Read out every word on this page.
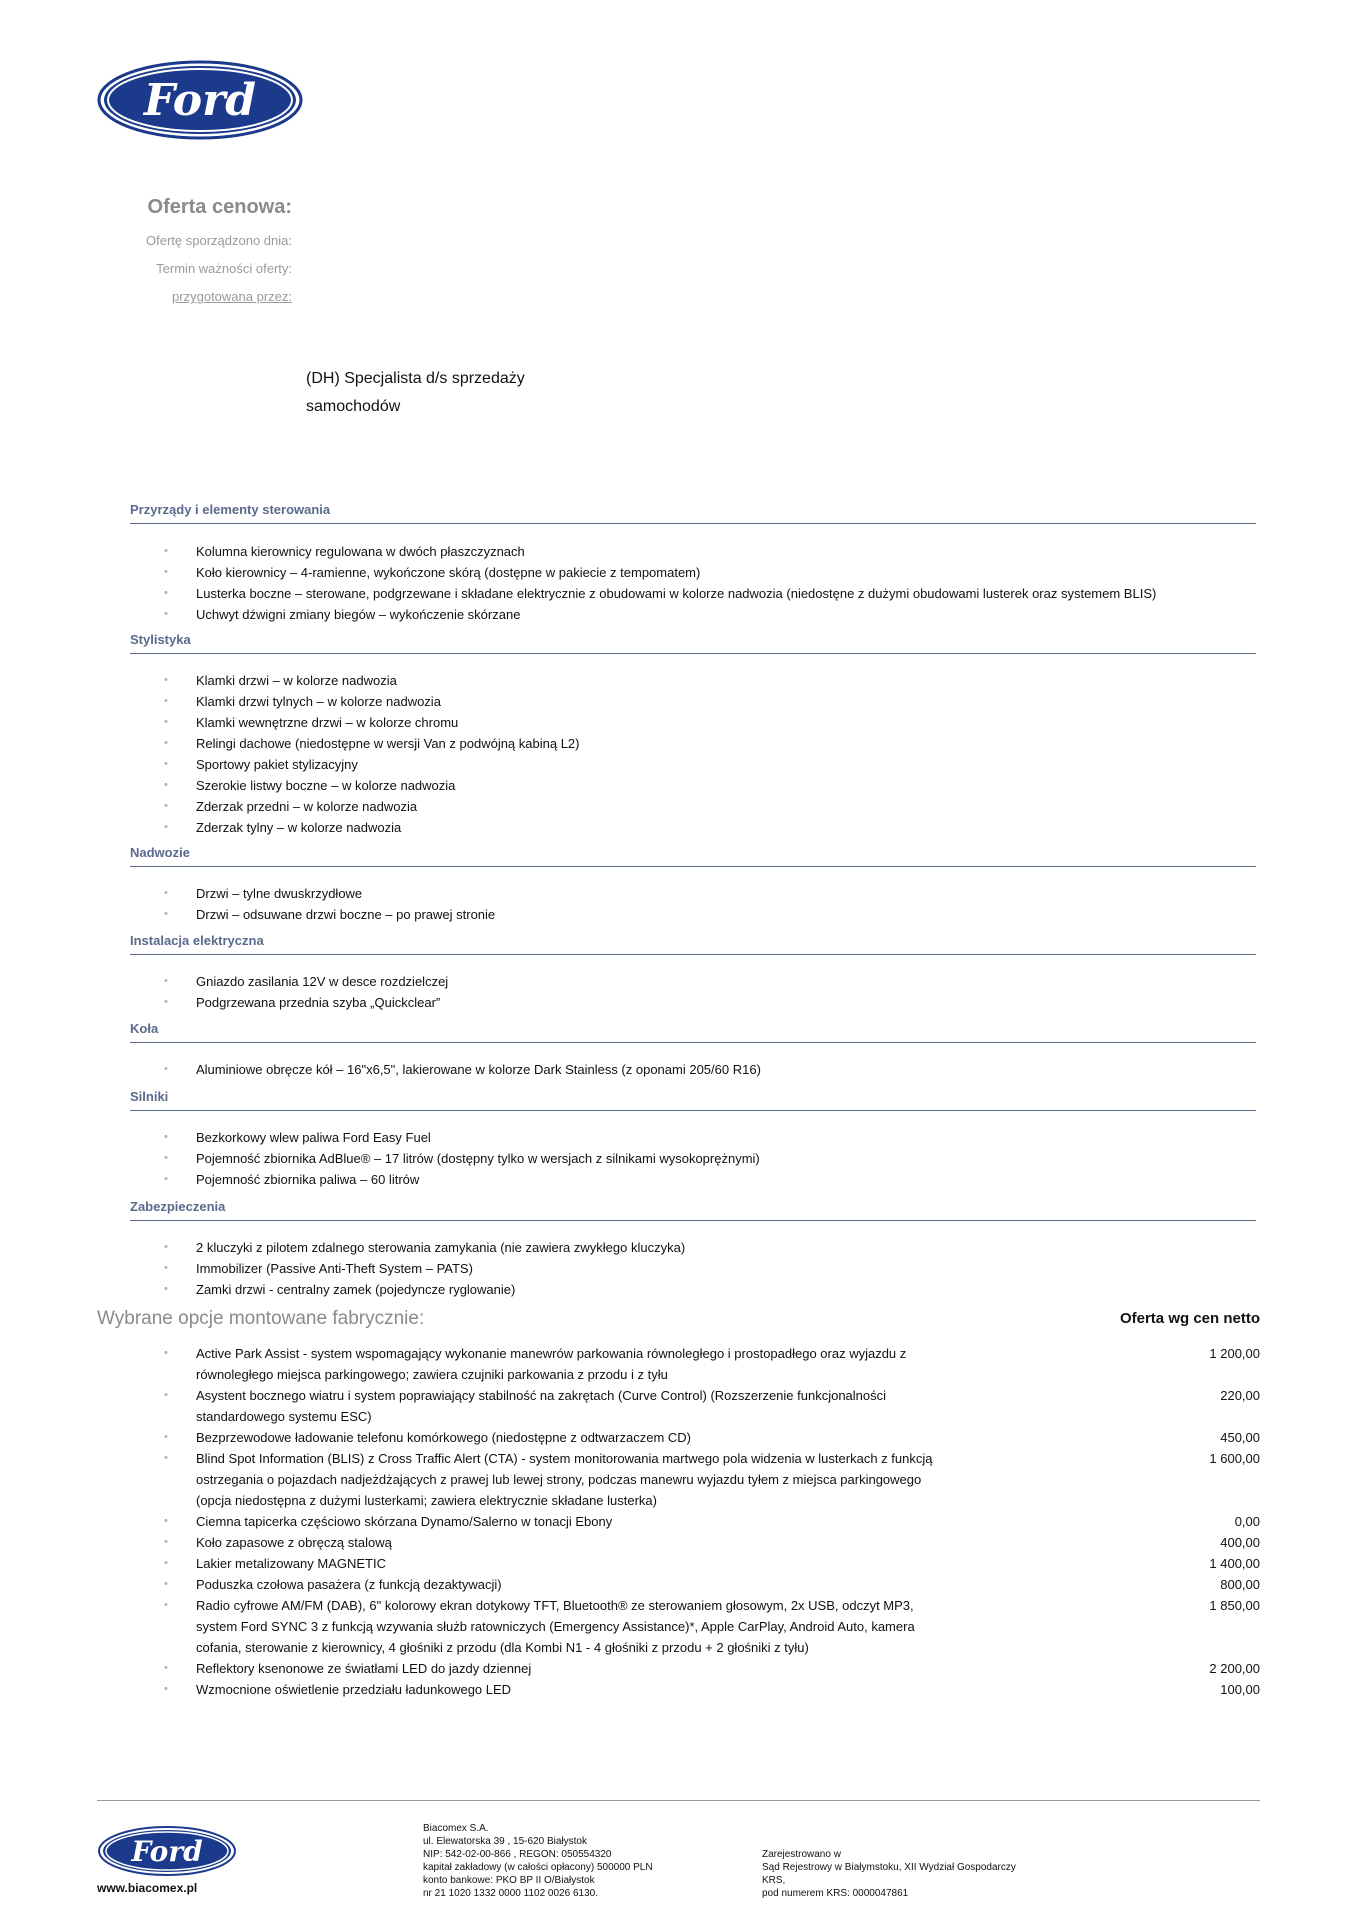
Ford
Oferta cenowa:
Ofertę sporządzono dnia:
Termin ważności oferty:
przygotowana przez:
(DH) Specjalista d/s sprzedaży
samochodów
Przyrządy i elementy sterowania
• Kolumna kierownicy regulowana w dwóch płaszczyznach
• Koło kierownicy – 4-ramienne, wykończone skórą (dostępne w pakiecie z tempomatem)
• Lusterka boczne – sterowane, podgrzewane i składane elektrycznie z obudowami w kolorze nadwozia (niedostęne z dużymi obudowami lusterek oraz systemem BLIS)
• Uchwyt dźwigni zmiany biegów – wykończenie skórzane
Stylistyka
• Klamki drzwi – w kolorze nadwozia
• Klamki drzwi tylnych – w kolorze nadwozia
• Klamki wewnętrzne drzwi – w kolorze chromu
• Relingi dachowe (niedostępne w wersji Van z podwójną kabiną L2)
• Sportowy pakiet stylizacyjny
• Szerokie listwy boczne – w kolorze nadwozia
• Zderzak przedni – w kolorze nadwozia
• Zderzak tylny – w kolorze nadwozia
Nadwozie
• Drzwi – tylne dwuskrzydłowe
• Drzwi – odsuwane drzwi boczne – po prawej stronie
Instalacja elektryczna
• Gniazdo zasilania 12V w desce rozdzielczej
• Podgrzewana przednia szyba „Quickclear”
Koła
• Aluminiowe obręcze kół – 16"x6,5", lakierowane w kolorze Dark Stainless (z oponami 205/60 R16)
Silniki
• Bezkorkowy wlew paliwa Ford Easy Fuel
• Pojemność zbiornika AdBlue® – 17 litrów (dostępny tylko w wersjach z silnikami wysokoprężnymi)
• Pojemność zbiornika paliwa – 60 litrów
Zabezpieczenia
• 2 kluczyki z pilotem zdalnego sterowania zamykania (nie zawiera zwykłego kluczyka)
• Immobilizer (Passive Anti-Theft System – PATS)
• Zamki drzwi - centralny zamek (pojedyncze ryglowanie)
Wybrane opcje montowane fabrycznie:	Oferta wg cen netto
• Active Park Assist - system wspomagający wykonanie manewrów parkowania równoległego i prostopadłego oraz wyjazdu z równoległego miejsca parkingowego; zawiera czujniki parkowania z przodu i z tyłu
1 200,00
• Asystent bocznego wiatru i system poprawiający stabilność na zakrętach (Curve Control) (Rozszerzenie funkcjonalności standardowego systemu ESC)
220,00
• Bezprzewodowe ładowanie telefonu komórkowego (niedostępne z odtwarzaczem CD)	450,00
• Blind Spot Information (BLIS) z Cross Traffic Alert (CTA) - system monitorowania martwego pola widzenia w lusterkach z funkcją ostrzegania o pojazdach nadjeżdżających z prawej lub lewej strony, podczas manewru wyjazdu tyłem z miejsca parkingowego (opcja niedostępna z dużymi lusterkami; zawiera elektrycznie składane lusterka)
1 600,00
• Ciemna tapicerka częściowo skórzana Dynamo/Salerno w tonacji Ebony	0,00
• Koło zapasowe z obręczą stalową	400,00
• Lakier metalizowany MAGNETIC	1 400,00
• Poduszka czołowa pasażera (z funkcją dezaktywacji)	800,00
• Radio cyfrowe AM/FM (DAB), 6" kolorowy ekran dotykowy TFT, Bluetooth® ze sterowaniem głosowym, 2x USB, odczyt MP3, system Ford SYNC 3 z funkcją wzywania służb ratowniczych (Emergency Assistance)*, Apple CarPlay, Android Auto, kamera cofania, sterowanie z kierownicy, 4 głośniki z przodu (dla Kombi N1 - 4 głośniki z przodu + 2 głośniki z tyłu)
1 850,00
• Reflektory ksenonowe ze światłami LED do jazdy dziennej	2 200,00
• Wzmocnione oświetlenie przedziału ładunkowego LED	100,00
Ford
www.biacomex.pl
Biacomex S.A.
ul. Elewatorska 39 , 15-620 Białystok
NIP: 542-02-00-866 , REGON: 050554320
kapitał zakładowy (w całości opłacony) 500000 PLN
konto bankowe: PKO BP II O/Białystok
nr 21 1020 1332 0000 1102 0026 6130.
Zarejestrowano w
Sąd Rejestrowy w Białymstoku, XII Wydział Gospodarczy
KRS,
pod numerem KRS: 0000047861
